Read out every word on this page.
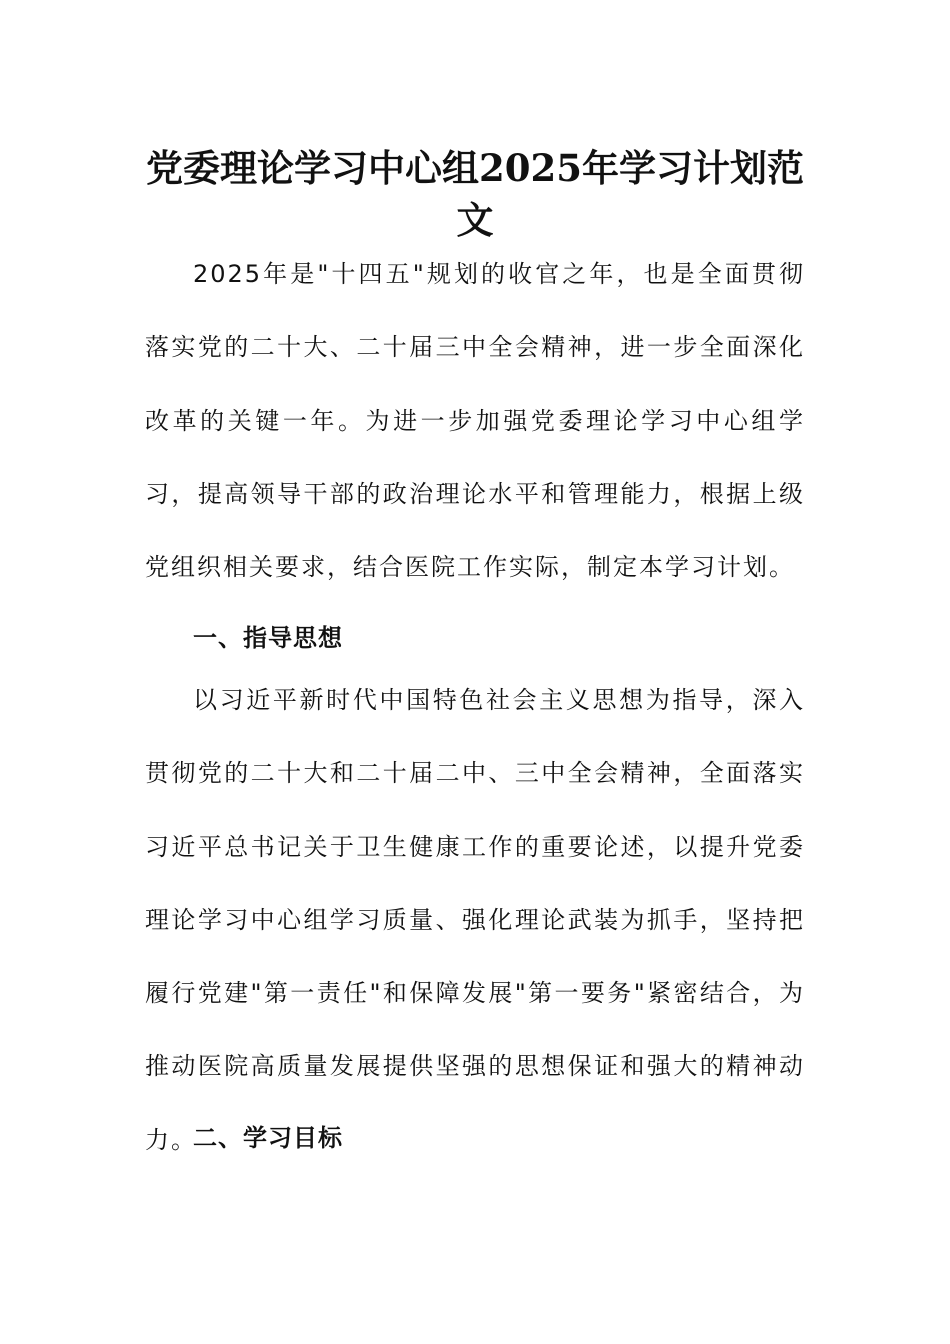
党委理论学习中心组2025年学习计划范文

2025年是"十四五"规划的收官之年，也是全面贯彻落实党的二十大、二十届三中全会精神，进一步全面深化改革的关键一年。为进一步加强党委理论学习中心组学习，提高领导干部的政治理论水平和管理能力，根据上级党组织相关要求，结合医院工作实际，制定本学习计划。

一、指导思想

以习近平新时代中国特色社会主义思想为指导，深入贯彻党的二十大和二十届二中、三中全会精神，全面落实习近平总书记关于卫生健康工作的重要论述，以提升党委理论学习中心组学习质量、强化理论武装为抓手，坚持把履行党建"第一责任"和保障发展"第一要务"紧密结合，为推动医院高质量发展提供坚强的思想保证和强大的精神动力。

二、学习目标
